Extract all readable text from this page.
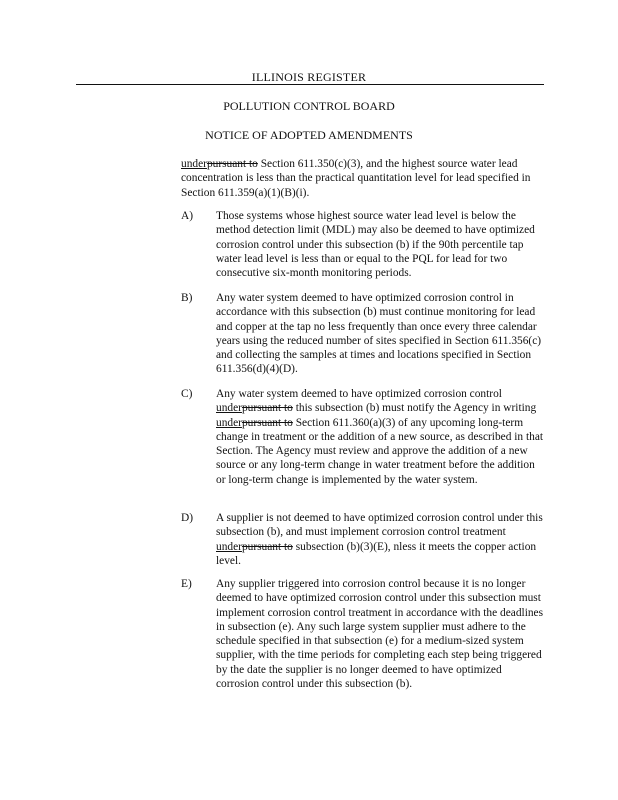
ILLINOIS REGISTER
POLLUTION CONTROL BOARD
NOTICE OF ADOPTED AMENDMENTS

underpursuant to Section 611.350(c)(3), and the highest source water lead concentration is less than the practical quantitation level for lead specified in Section 611.359(a)(1)(B)(i).

A) Those systems whose highest source water lead level is below the method detection limit (MDL) may also be deemed to have optimized corrosion control under this subsection (b) if the 90th percentile tap water lead level is less than or equal to the PQL for lead for two consecutive six-month monitoring periods.

B) Any water system deemed to have optimized corrosion control in accordance with this subsection (b) must continue monitoring for lead and copper at the tap no less frequently than once every three calendar years using the reduced number of sites specified in Section 611.356(c) and collecting the samples at times and locations specified in Section 611.356(d)(4)(D).

C) Any water system deemed to have optimized corrosion control underpursuant to this subsection (b) must notify the Agency in writing underpursuant to Section 611.360(a)(3) of any upcoming long-term change in treatment or the addition of a new source, as described in that Section. The Agency must review and approve the addition of a new source or any long-term change in water treatment before the addition or long-term change is implemented by the water system.

D) A supplier is not deemed to have optimized corrosion control under this subsection (b), and must implement corrosion control treatment underpursuant to subsection (b)(3)(E), nless it meets the copper action level.

E) Any supplier triggered into corrosion control because it is no longer deemed to have optimized corrosion control under this subsection must implement corrosion control treatment in accordance with the deadlines in subsection (e). Any such large system supplier must adhere to the schedule specified in that subsection (e) for a medium-sized system supplier, with the time periods for completing each step being triggered by the date the supplier is no longer deemed to have optimized corrosion control under this subsection (b).
